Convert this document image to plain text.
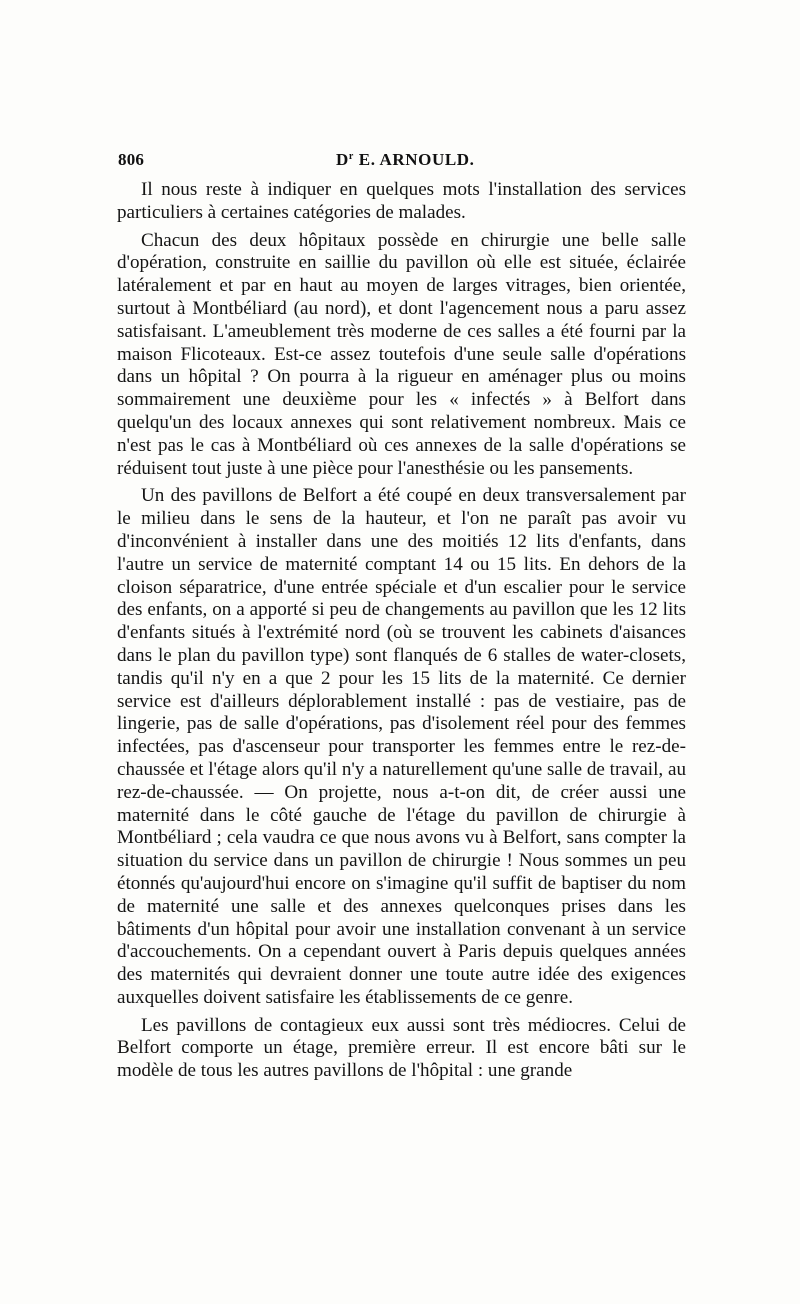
806	$D^r$ E. ARNOULD.

Il nous reste à indiquer en quelques mots l'installation des services particuliers à certaines catégories de malades.

Chacun des deux hôpitaux possède en chirurgie une belle salle d'opération, construite en saillie du pavillon où elle est située, éclairée latéralement et par en haut au moyen de larges vitrages, bien orientée, surtout à Montbéliard (au nord), et dont l'agencement nous a paru assez satisfaisant. L'ameublement très moderne de ces salles a été fourni par la maison Flicoteaux. Est-ce assez toutefois d'une seule salle d'opérations dans un hôpital ? On pourra à la rigueur en aménager plus ou moins sommairement une deuxième pour les « infectés » à Belfort dans quelqu'un des locaux annexes qui sont relativement nombreux. Mais ce n'est pas le cas à Montbéliard où ces annexes de la salle d'opérations se réduisent tout juste à une pièce pour l'anesthésie ou les pansements.

Un des pavillons de Belfort a été coupé en deux transversalement par le milieu dans le sens de la hauteur, et l'on ne paraît pas avoir vu d'inconvénient à installer dans une des moitiés 12 lits d'enfants, dans l'autre un service de maternité comptant 14 ou 15 lits. En dehors de la cloison séparatrice, d'une entrée spéciale et d'un escalier pour le service des enfants, on a apporté si peu de changements au pavillon que les 12 lits d'enfants situés à l'extrémité nord (où se trouvent les cabinets d'aisances dans le plan du pavillon type) sont flanqués de 6 stalles de water-closets, tandis qu'il n'y en a que 2 pour les 15 lits de la maternité. Ce dernier service est d'ailleurs déplorablement installé : pas de vestiaire, pas de lingerie, pas de salle d'opérations, pas d'isolement réel pour des femmes infectées, pas d'ascenseur pour transporter les femmes entre le rez-de-chaussée et l'étage alors qu'il n'y a naturellement qu'une salle de travail, au rez-de-chaussée. — On projette, nous a-t-on dit, de créer aussi une maternité dans le côté gauche de l'étage du pavillon de chirurgie à Montbéliard ; cela vaudra ce que nous avons vu à Belfort, sans compter la situation du service dans un pavillon de chirurgie ! Nous sommes un peu étonnés qu'aujourd'hui encore on s'imagine qu'il suffit de baptiser du nom de maternité une salle et des annexes quelconques prises dans les bâtiments d'un hôpital pour avoir une installation convenant à un service d'accouchements. On a cependant ouvert à Paris depuis quelques années des maternités qui devraient donner une toute autre idée des exigences auxquelles doivent satisfaire les établissements de ce genre.

Les pavillons de contagieux eux aussi sont très médiocres. Celui de Belfort comporte un étage, première erreur. Il est encore bâti sur le modèle de tous les autres pavillons de l'hôpital : une grande
